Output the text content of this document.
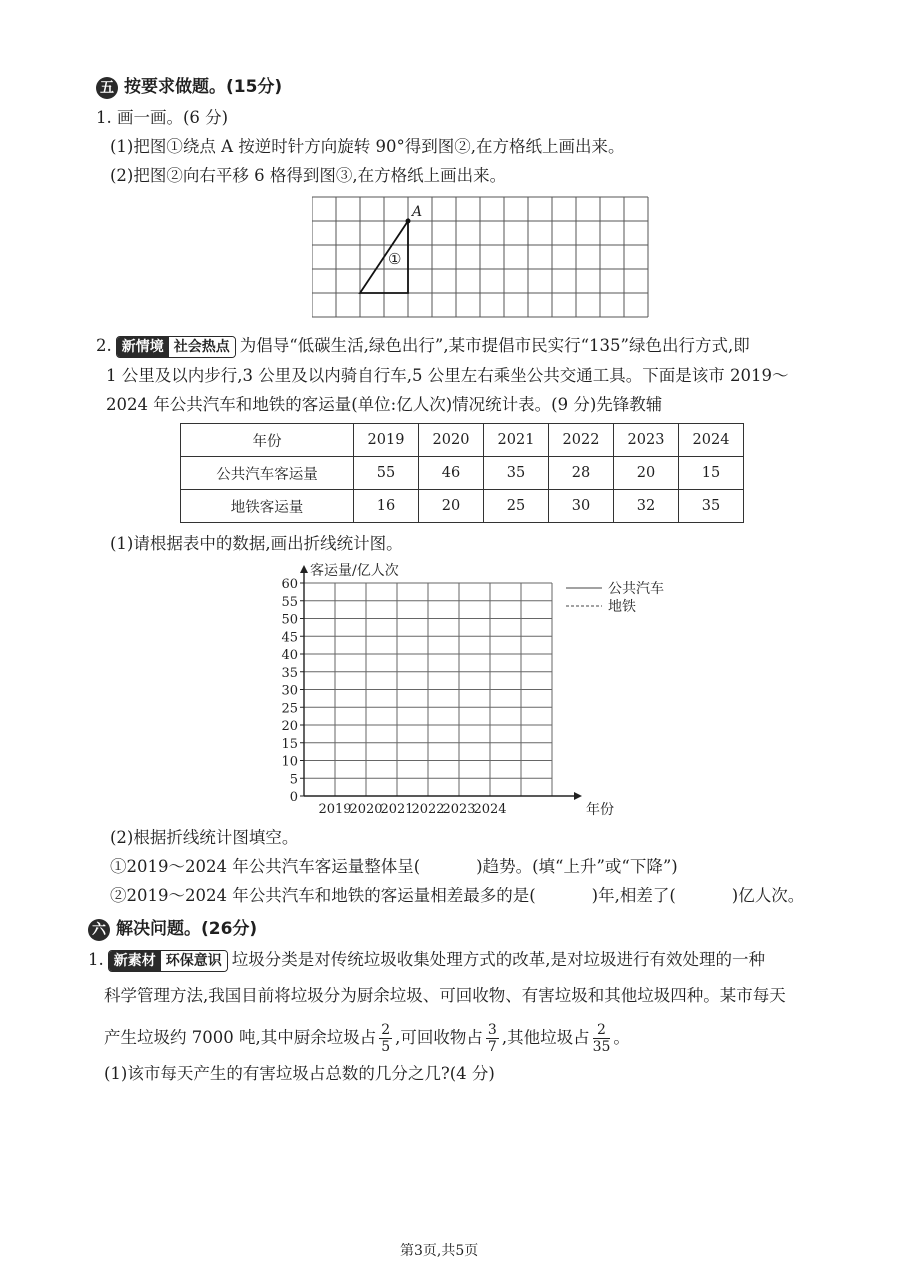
五 按要求做题。(15分)
1. 画一画。(6 分)
(1)把图①绕点 A 按逆时针方向旋转 90°得到图②,在方格纸上画出来。
(2)把图②向右平移 6 格得到图③,在方格纸上画出来。
A
①
2. 新情境 社会热点 为倡导“低碳生活,绿色出行”,某市提倡市民实行“135”绿色出行方式,即
1 公里及以内步行,3 公里及以内骑自行车,5 公里左右乘坐公共交通工具。下面是该市 2019～
2024 年公共汽车和地铁的客运量(单位:亿人次)情况统计表。(9 分)先锋教辅
年份	2019	2020	2021	2022	2023	2024
公共汽车客运量	55	46	35	28	20	15
地铁客运量	16	20	25	30	32	35
(1)请根据表中的数据,画出折线统计图。
0
5
10
15
20
25
30
35
40
45
50
55
60
客运量/亿人次
年份
2019
2020
2021
2022
2023
2024
公共汽车
地铁
(2)根据折线统计图填空。
①2019～2024 年公共汽车客运量整体呈(	)趋势。(填“上升”或“下降”)
②2019～2024 年公共汽车和地铁的客运量相差最多的是(	)年,相差了(	)亿人次。
六 解决问题。(26分)
1. 新素材 环保意识 垃圾分类是对传统垃圾收集处理方式的改革,是对垃圾进行有效处理的一种
科学管理方法,我国目前将垃圾分为厨余垃圾、可回收物、有害垃圾和其他垃圾四种。某市每天
产生垃圾约 7000 吨,其中厨余垃圾占 $\frac{2}{5}$ ,可回收物占 $\frac{3}{7}$ ,其他垃圾占 $\frac{2}{35}$ 。
(1)该市每天产生的有害垃圾占总数的几分之几?(4 分)
第3页,共5页
